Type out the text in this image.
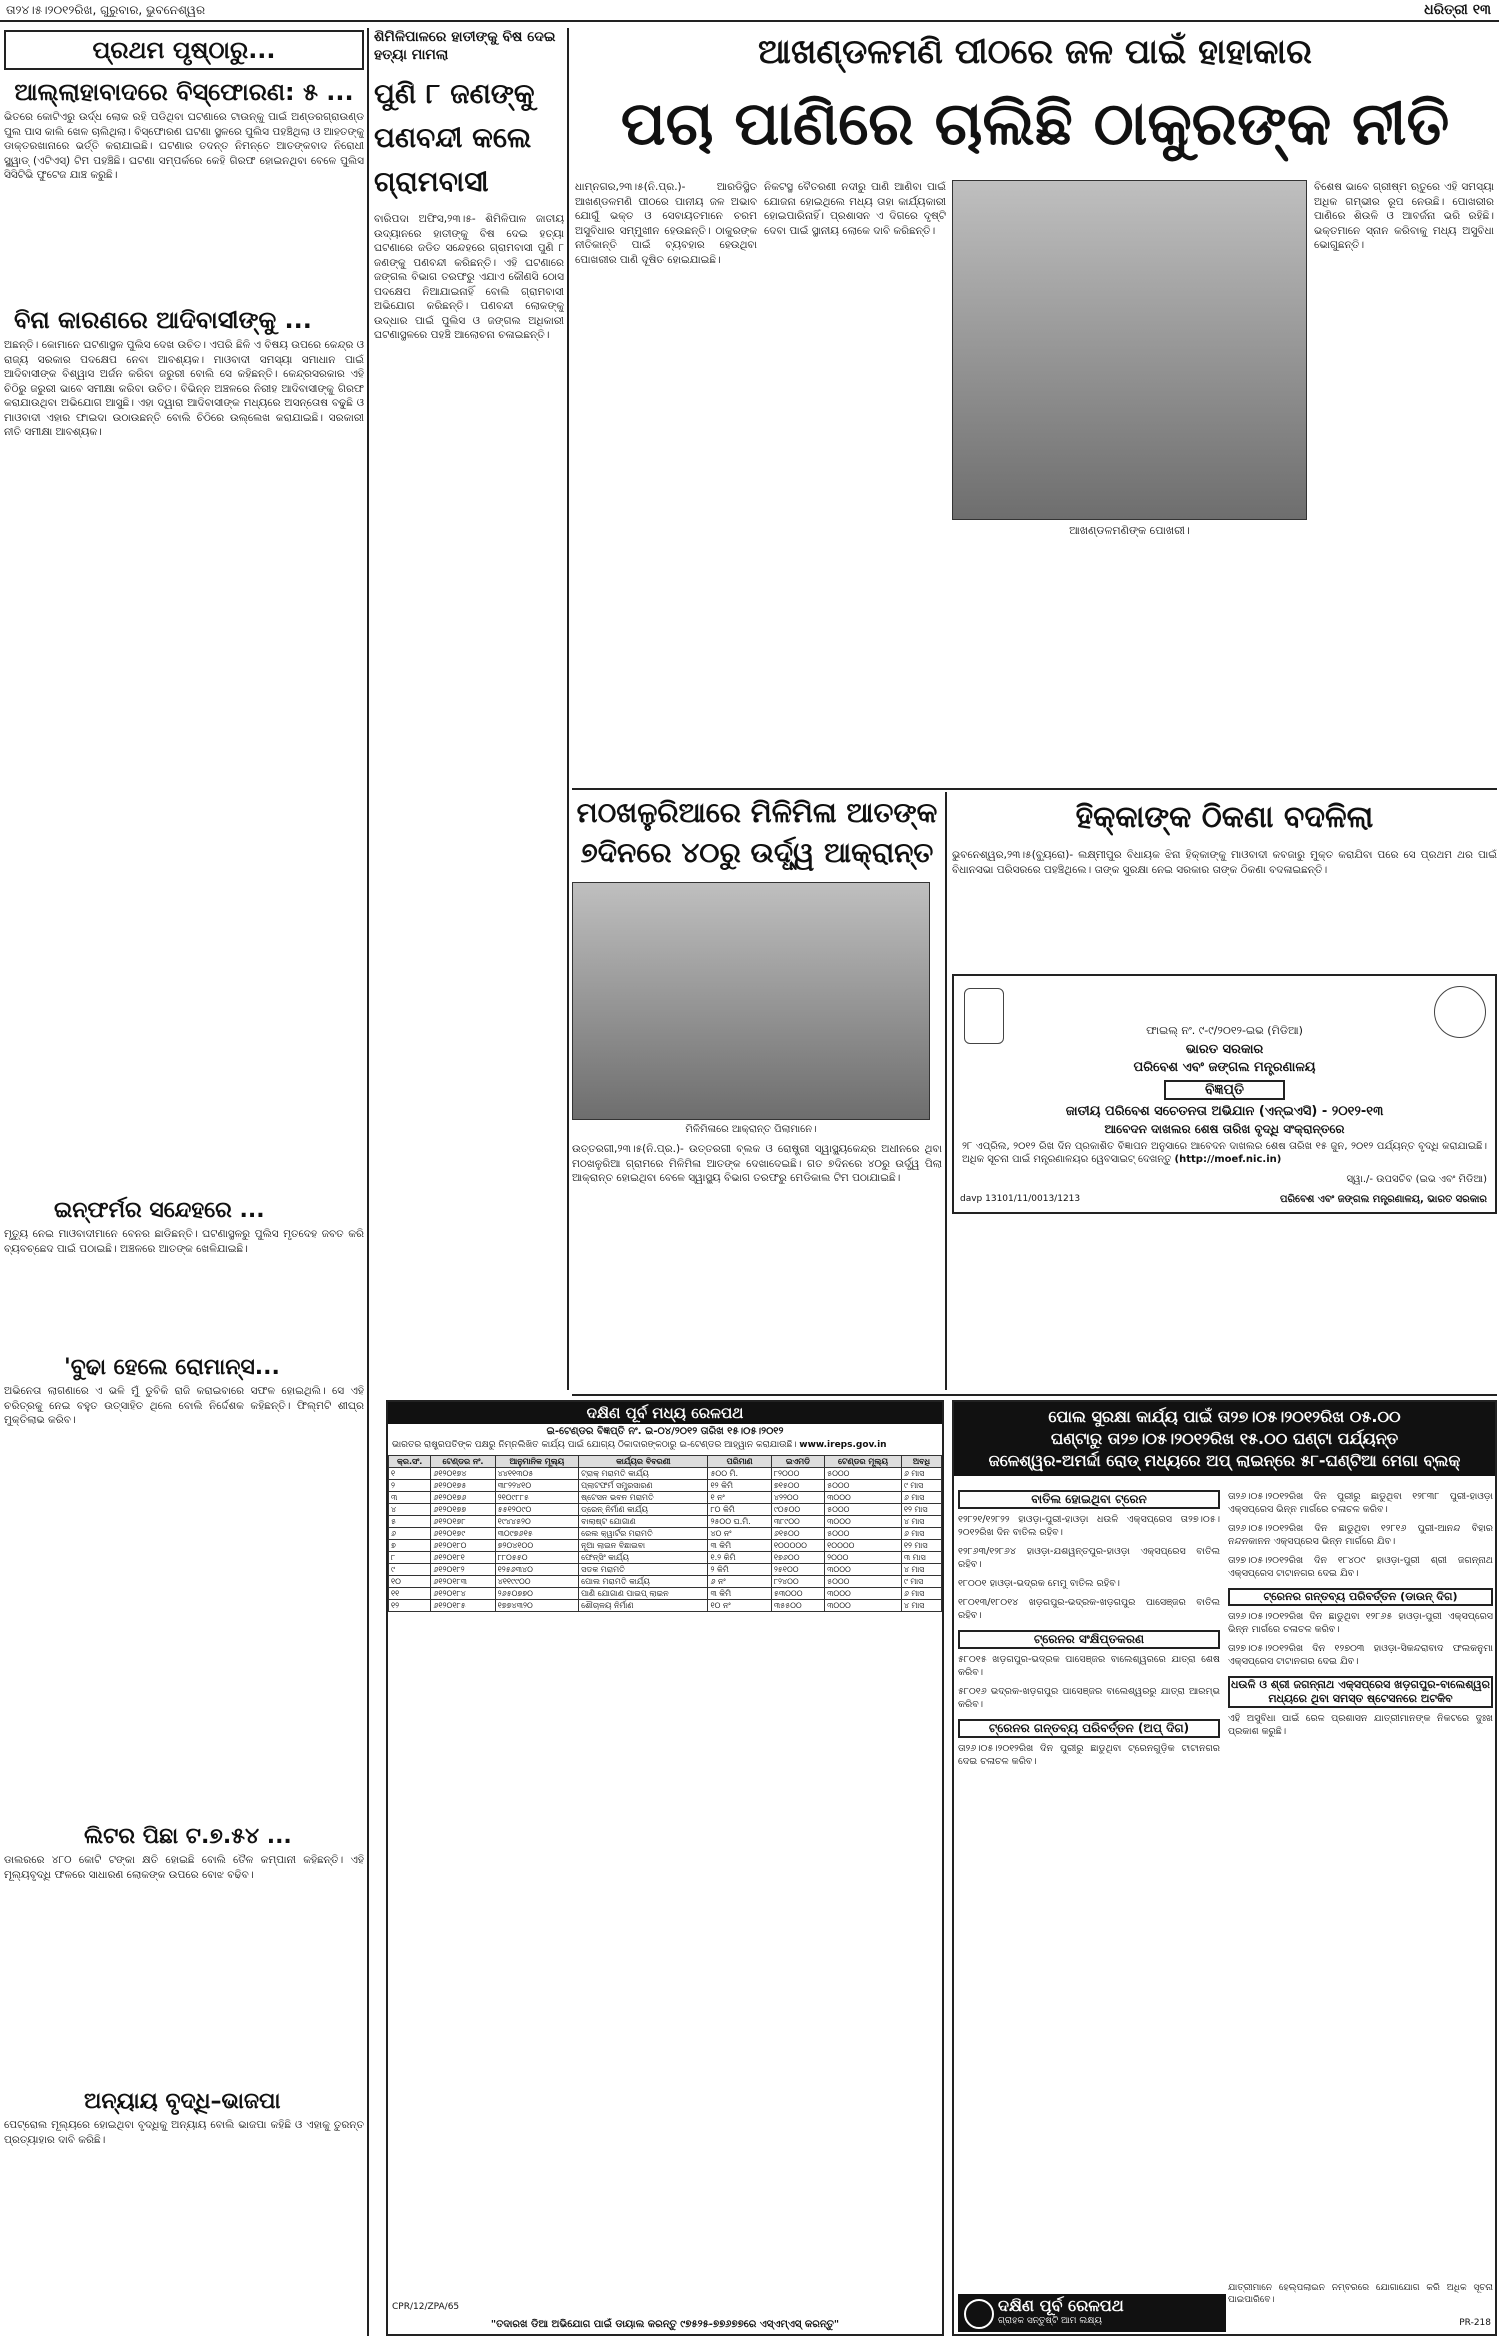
ତା୨୪।୫।୨୦୧୨ରିଖ, ଗୁରୁବାର, ଭୁବନେଶ୍ୱର	ଧରିତ୍ରୀ ୧୩
ପ୍ରଥମ ପୃଷ୍ଠାରୁ...
ଆଲ୍ଲାହାବାଦରେ ବିସ୍ଫୋରଣ: ୫ ...
ଭିତରେ କୋଟିଏରୁ ଉର୍ଦ୍ଧ ଲୋକ ରହି ପଡିଥିବା ଘଟଣାରେ ଟାଉନ୍‌କୁ ପାଇଁ ଅଣ୍ଡରଗ୍ରାଉଣ୍ଡ ପୁଲ ପାସ କାଲି ଖେଳ ଚାଲିଥିଲା। ବିସ୍ଫୋରଣ ଘଟଣା ସ୍ଥଳରେ ପୁଲିସ ପହଞ୍ଚିଥିଲା ଓ ଆହତଙ୍କୁ ଡାକ୍ତରଖାନାରେ ଭର୍ତ୍ତି କରାଯାଇଛି। ଘଟଣାର ତଦନ୍ତ ନିମନ୍ତେ ଆତଙ୍କବାଦ ନିରୋଧୀ ସ୍କ୍ୱାଡ୍ (ଏଟିଏସ୍) ଟିମ ପହଞ୍ଚିଛି। ଘଟଣା ସମ୍ପର୍କରେ କେହି ଗିରଫ ହୋଇନଥିବା ବେଳେ ପୁଲିସ ସିସିଟିଭି ଫୁଟେଜ ଯାଞ୍ଚ କରୁଛି।
ବିନା କାରଣରେ ଆଦିବାସୀଙ୍କୁ ...
ଅଛନ୍ତି। କୋମାନେ ଘଟଣାସ୍ଥଳ ପୁଲିସ ଦେଖ ଉଚିତ। ଏପରି ଛିଳି ଏ ବିଷୟ ଉପରେ କେନ୍ଦ୍ର ଓ ରାଜ୍ୟ ସରକାର ପଦକ୍ଷେପ ନେବା ଆବଶ୍ୟକ। ମାଓବାଦୀ ସମସ୍ୟା ସମାଧାନ ପାଇଁ ଆଦିବାସୀଙ୍କ ବିଶ୍ୱାସ ଅର୍ଜନ କରିବା ଜରୁରୀ ବୋଲି ସେ କହିଛନ୍ତି। କେନ୍ଦ୍ରସରକାର ଏହି ଚିଠିରୁ ଜରୁରୀ ଭାବେ ସମୀକ୍ଷା କରିବା ଉଚିତ। ବିଭିନ୍ନ ଅଞ୍ଚଳରେ ନିରୀହ ଆଦିବାସୀଙ୍କୁ ଗିରଫ କରାଯାଉଥିବା ଅଭିଯୋଗ ଆସୁଛି। ଏହା ଦ୍ୱାରା ଆଦିବାସୀଙ୍କ ମଧ୍ୟରେ ଅସନ୍ତୋଷ ବଢୁଛି ଓ ମାଓବାଦୀ ଏହାର ଫାଇଦା ଉଠାଉଛନ୍ତି ବୋଲି ଚିଠିରେ ଉଲ୍ଲେଖ କରାଯାଇଛି। ସରକାରୀ ନୀତି ସମୀକ୍ଷା ଆବଶ୍ୟକ।
ଇନ୍‌ଫର୍ମର ସନ୍ଦେହରେ ...
ମୃତ୍ୟୁ ନେଇ ମାଓବାଦୀମାନେ ବେନର ଛାଡିଛନ୍ତି। ଘଟଣାସ୍ଥଳରୁ ପୁଲିସ ମୃତଦେହ ଜବତ କରି ବ୍ୟବଚ୍ଛେଦ ପାଇଁ ପଠାଇଛି। ଅଞ୍ଚଳରେ ଆତଙ୍କ ଖେଳିଯାଇଛି।
'ବୁଢା ହେଲେ ରୋମାନ୍ସ...
ଅଭିନେତା ଲାଗଣାରେ ଏ ଭଳି ମୁଁ ଡୁବିକି ରାଜି କରାଇବାରେ ସଫଳ ହୋଇଥିଲି। ସେ ଏହି ଚରିତ୍ରକୁ ନେଇ ବହୁତ ଉତ୍ସାହିତ ଥିଲେ ବୋଲି ନିର୍ଦ୍ଦେଶକ କହିଛନ୍ତି। ଫିଲ୍ମଟି ଶୀଘ୍ର ମୁକ୍ତିଲାଭ କରିବ।
ଲିଟର ପିଛା ଟ.୭.୫୪ ...
ଡାଲରରେ ୪୮୦ କୋଟି ଟଙ୍କା କ୍ଷତି ହୋଇଛି ବୋଲି ତୈଳ କମ୍ପାନୀ କହିଛନ୍ତି। ଏହି ମୂଲ୍ୟବୃଦ୍ଧି ଫଳରେ ସାଧାରଣ ଲୋକଙ୍କ ଉପରେ ବୋଝ ବଢିବ।
ଅନ୍ୟାୟ ବୃଦ୍ଧି–ଭାଜପା
ପେଟ୍ରୋଲ ମୂଲ୍ୟରେ ହୋଇଥିବା ବୃଦ୍ଧିକୁ ଅନ୍ୟାୟ ବୋଲି ଭାଜପା କହିଛି ଓ ଏହାକୁ ତୁରନ୍ତ ପ୍ରତ୍ୟାହାର ଦାବି କରିଛି।
ଶିମିଳିପାଳରେ ହାତୀଙ୍କୁ ବିଷ ଦେଇ ହତ୍ୟା ମାମଲା
ପୁଣି ୮ ଜଣଙ୍କୁ ପଣବନ୍ଦୀ କଲେ ଗ୍ରାମବାସୀ
ବାରିପଦା ଅଫିସ,୨୩।୫- ଶିମିଳିପାଳ ଜାତୀୟ ଉଦ୍ୟାନରେ ହାତୀଙ୍କୁ ବିଷ ଦେଇ ହତ୍ୟା ଘଟଣାରେ ଜଡିତ ସନ୍ଦେହରେ ଗ୍ରାମବାସୀ ପୁଣି ୮ ଜଣଙ୍କୁ ପଣବନ୍ଦୀ କରିଛନ୍ତି। ଏହି ଘଟଣାରେ ଜଙ୍ଗଲ ବିଭାଗ ତରଫରୁ ଏଯାଏ କୌଣସି ଠୋସ ପଦକ୍ଷେପ ନିଆଯାଇନାହିଁ ବୋଲି ଗ୍ରାମବାସୀ ଅଭିଯୋଗ କରିଛନ୍ତି। ପଣବନ୍ଦୀ ଲୋକଙ୍କୁ ଉଦ୍ଧାର ପାଇଁ ପୁଲିସ ଓ ଜଙ୍ଗଲ ଅଧିକାରୀ ଘଟଣାସ୍ଥଳରେ ପହଞ୍ଚି ଆଲୋଚନା ଚଳାଇଛନ୍ତି।
ଆଖଣ୍ଡଳମଣି ପୀଠରେ ଜଳ ପାଇଁ ହାହାକାର
ପଚା ପାଣିରେ ଚାଲିଛି ଠାକୁରଙ୍କ ନୀତି
ଧାମ୍‌ନଗର,୨୩।୫(ନି.ପ୍ର.)- ଆରଡିସ୍ଥିତ ଆଖଣ୍ଡଳମଣି ପୀଠରେ ପାନୀୟ ଜଳ ଅଭାବ ଯୋଗୁଁ ଭକ୍ତ ଓ ସେବାୟତମାନେ ଚରମ ଅସୁବିଧାର ସମ୍ମୁଖୀନ ହେଉଛନ୍ତି। ଠାକୁରଙ୍କ ନୀତିକାନ୍ତି ପାଇଁ ବ୍ୟବହାର ହେଉଥିବା ପୋଖରୀର ପାଣି ଦୂଷିତ ହୋଇଯାଇଛି।
ନିକଟସ୍ଥ ବୈତରଣୀ ନଦୀରୁ ପାଣି ଆଣିବା ପାଇଁ ଯୋଜନା ହୋଇଥିଲେ ମଧ୍ୟ ତାହା କାର୍ଯ୍ୟକାରୀ ହୋଇପାରିନାହିଁ। ପ୍ରଶାସନ ଏ ଦିଗରେ ଦୃଷ୍ଟି ଦେବା ପାଇଁ ସ୍ଥାନୀୟ ଲୋକେ ଦାବି କରିଛନ୍ତି।
ଆଖଣ୍ଡଳମଣିଙ୍କ ପୋଖରୀ।
ବିଶେଷ ଭାବେ ଗ୍ରୀଷ୍ମ ଋତୁରେ ଏହି ସମସ୍ୟା ଅଧିକ ଗମ୍ଭୀର ରୂପ ନେଉଛି। ପୋଖରୀର ପାଣିରେ ଶିଉଳି ଓ ଆବର୍ଜନା ଭରି ରହିଛି। ଭକ୍ତମାନେ ସ୍ନାନ କରିବାକୁ ମଧ୍ୟ ଅସୁବିଧା ଭୋଗୁଛନ୍ତି।
ମଠଖଳୁରିଆରେ ମିଳିମିଳା ଆତଙ୍କ
୭ଦିନରେ ୪୦ରୁ ଉର୍ଦ୍ଧ୍ୱ ଆକ୍ରାନ୍ତ
ମିଳିମିଳାରେ ଆକ୍ରାନ୍ତ ପିଲାମାନେ।
ଉତ୍ତରଗୀ,୨୩।୫(ନି.ପ୍ର.)- ଉତ୍ତରଗୀ ବ୍ଲକ ଓ ରୋଷ୍ଟ୍ରୀ ସ୍ୱାସ୍ଥ୍ୟକେନ୍ଦ୍ର ଅଧୀନରେ ଥିବା ମଠଖଳୁରିଆ ଗ୍ରାମରେ ମିଳିମିଳା ଆତଙ୍କ ଦେଖାଦେଇଛି। ଗତ ୭ଦିନରେ ୪୦ରୁ ଉର୍ଦ୍ଧ୍ୱ ପିଲା ଆକ୍ରାନ୍ତ ହୋଇଥିବା ବେଳେ ସ୍ୱାସ୍ଥ୍ୟ ବିଭାଗ ତରଫରୁ ମେଡିକାଲ ଟିମ ପଠାଯାଇଛି।
ହିକ୍କାଙ୍କ ଠିକଣା ବଦଳିଲା
ଭୁବନେଶ୍ୱର,୨୩।୫(ବ୍ୟୁରୋ)- ଲକ୍ଷ୍ମୀପୁର ବିଧାୟକ ଝିନା ହିକ୍କାଙ୍କୁ ମାଓବାଦୀ କବଜାରୁ ମୁକ୍ତ କରାଯିବା ପରେ ସେ ପ୍ରଥମ ଥର ପାଇଁ ବିଧାନସଭା ପରିସରରେ ପହଞ୍ଚିଥିଲେ। ତାଙ୍କ ସୁରକ୍ଷା ନେଇ ସରକାର ତାଙ୍କ ଠିକଣା ବଦଳାଇଛନ୍ତି।
ଫାଇଲ୍ ନଂ. ୯-୯/୨୦୧୨-ଇଭ (ମିଡିଆ)
ଭାରତ ସରକାର
ପରିବେଶ ଏବଂ ଜଙ୍ଗଲ ମନ୍ତ୍ରଣାଳୟ
ବିଜ୍ଞପ୍ତି
ଜାତୀୟ ପରିବେଶ ସଚେତନତା ଅଭିଯାନ (ଏନ୍‌ଇଏସି) - ୨୦୧୨-୧୩
ଆବେଦନ ଦାଖଲର ଶେଷ ତାରିଖ ବୃଦ୍ଧି ସଂକ୍ରାନ୍ତରେ
୨୮ ଏପ୍ରିଲ, ୨୦୧୨ ରିଖ ଦିନ ପ୍ରକାଶିତ ବିଜ୍ଞାପନ ଅନୁସାରେ ଆବେଦନ ଦାଖଲର ଶେଷ ତାରିଖ ୧୫ ଜୁନ, ୨୦୧୨ ପର୍ଯ୍ୟନ୍ତ ବୃଦ୍ଧି କରାଯାଇଛି। ଅଧିକ ସୂଚନା ପାଇଁ ମନ୍ତ୍ରଣାଳୟର ୱେବସାଇଟ୍ ଦେଖନ୍ତୁ (http://moef.nic.in)
ସ୍ୱା./- ଉପସଚିବ (ଇଭ ଏବଂ ମିଡିଆ)
davp 13101/11/0013/1213	ପରିବେଶ ଏବଂ ଜଙ୍ଗଲ ମନ୍ତ୍ରଣାଳୟ, ଭାରତ ସରକାର
ଦକ୍ଷିଣ ପୂର୍ବ ମଧ୍ୟ ରେଳପଥ
ଇ-ଟେଣ୍ଡର ବିଜ୍ଞପ୍ତି ନଂ. ଇ-୦୪/୨୦୧୨ ତାରିଖ ୧୫।୦୫।୨୦୧୨
ଭାରତର ରାଷ୍ଟ୍ରପତିଙ୍କ ପକ୍ଷରୁ ନିମ୍ନଲିଖିତ କାର୍ଯ୍ୟ ପାଇଁ ଯୋଗ୍ୟ ଠିକାଦାରଙ୍କଠାରୁ ଇ-ଟେଣ୍ଡର ଆହ୍ୱାନ କରାଯାଉଛି। www.ireps.gov.in
କ୍ର.ସଂ.	ଟେଣ୍ଡର ନଂ.	ଆନୁମାନିକ ମୂଲ୍ୟ	କାର୍ଯ୍ୟର ବିବରଣୀ	ପରିମାଣ	ଇଏମଡି	ଟେଣ୍ଡର ମୂଲ୍ୟ	ଅବଧି
୧	୬୧୨୦୧୭୪	୪୪୧୧୩୦୫	ଟ୍ରାକ୍ ମରାମତି କାର୍ଯ୍ୟ	୫୦୦ ମି.	୮୨୦୦୦	୫୦୦୦	୬ ମାସ
୨	୬୧୨୦୧୭୫	୩୮୨୨୪୧୦	ପ୍ଲାଟଫର୍ମ ସମ୍ପ୍ରସାରଣ	୧୨ କିମି	୭୧୫୦୦	୫୦୦୦	୯ ମାସ
୩	୬୧୨୦୧୭୬	୨୧୦୯୮୮୫	ଷ୍ଟେସନ ଭବନ ମରାମତି	୧ ନଂ	୪୨୨୦୦	୩୦୦୦	୬ ମାସ
୪	୬୧୨୦୧୭୭	୫୫୧୨୦୯୦	ଡ୍ରେନ୍ ନିର୍ମାଣ କାର୍ଯ୍ୟ	୮୦ କିମି	୯୦୫୦୦	୫୦୦୦	୧୨ ମାସ
୫	୬୧୨୦୧୭୮	୧୯୪୪୫୨୦	ବାଲାଷ୍ଟ ଯୋଗାଣ	୨୫୦୦ ଘ.ମି.	୩୮୯୦୦	୩୦୦୦	୪ ମାସ
୬	୬୧୨୦୧୭୯	୩୦୯୭୬୧୫	ରେଲ କ୍ୱାର୍ଟର ମରାମତି	୪୦ ନଂ	୬୧୫୦୦	୫୦୦୦	୬ ମାସ
୭	୬୧୨୦୧୮୦	୭୨୦୪୧୦୦	ନୂଆ ଲାଇନ ବିଛାଇବା	୩ କିମି	୧୦୦୦୦୦	୧୦୦୦୦	୧୨ ମାସ
୮	୬୧୨୦୧୮୧	୮୮୦୫୫୦	ଫେନ୍ସିଂ କାର୍ଯ୍ୟ	୧.୨ କିମି	୧୭୬୦୦	୨୦୦୦	୩ ମାସ
୯	୬୧୨୦୧୮୨	୧୨୫୬୩୪୦	ସଡକ ମରାମତି	୨ କିମି	୨୫୧୦୦	୩୦୦୦	୪ ମାସ
୧୦	୬୧୨୦୧୮୩	୪୧୧୯୯୦୦	ପୋଲ ମରାମତି କାର୍ଯ୍ୟ	୬ ନଂ	୮୨୪୦୦	୫୦୦୦	୯ ମାସ
୧୧	୬୧୨୦୧୮୪	୨୬୫୦୭୭୦	ପାଣି ଯୋଗାଣ ପାଇପ୍ ଲାଇନ	୩ କିମି	୫୩୦୦୦	୩୦୦୦	୬ ମାସ
୧୨	୬୧୨୦୧୮୫	୧୭୭୪୩୨୦	ଶୌଚାଳୟ ନିର୍ମାଣ	୧୦ ନଂ	୩୫୫୦୦	୩୦୦୦	୪ ମାସ
CPR/12/ZPA/65
"ତଦାରଖ ଡିଆ ଅଭିଯୋଗ ପାଇଁ ଡାୟାଲ କରନ୍ତୁ ୯୭୫୨୫-୭୭୬୭୭ରେ ଏସ୍‌ଏମ୍‌ଏସ୍ କରନ୍ତୁ"
ପୋଲ ସୁରକ୍ଷା କାର୍ଯ୍ୟ ପାଇଁ ତା୨୭।୦୫।୨୦୧୨ରିଖ ୦୫.୦୦
ଘଣ୍ଟାରୁ ତା୨୭।୦୫।୨୦୧୨ରିଖ ୧୫.୦୦ ଘଣ୍ଟା ପର୍ଯ୍ୟନ୍ତ
ଜଳେଶ୍ୱର-ଅମର୍ଦ୍ଦା ରୋଡ୍ ମଧ୍ୟରେ ଅପ୍ ଲାଇନ୍‌ରେ ୫୮-ଘଣ୍ଟିଆ ମେଗା ବ୍ଲକ୍
ବାତିଲ ହୋଇଥିବା ଟ୍ରେନ
୧୨୮୨୧/୧୨୮୨୨ ହାଓଡ଼ା-ପୁରୀ-ହାଓଡ଼ା ଧଉଳି ଏକ୍ସପ୍ରେସ ତା୨୭।୦୫।୨୦୧୨ରିଖ ଦିନ ବାତିଲ ରହିବ।
୧୨୮୬୩/୧୨୮୬୪ ହାଓଡ଼ା-ଯଶୱନ୍ତପୁର-ହାଓଡ଼ା ଏକ୍ସପ୍ରେସ ବାତିଲ ରହିବ।
୧୮୦୦୧ ହାଓଡ଼ା-ଭଦ୍ରକ ମେମୁ ବାତିଲ ରହିବ।
୧୮୦୧୩/୧୮୦୧୪ ଖଡ଼ଗପୁର-ଭଦ୍ରକ-ଖଡ଼ଗପୁର ପାସେଞ୍ଜର ବାତିଲ ରହିବ।
ଟ୍ରେନର ସଂକ୍ଷିପ୍ତକରଣ
୫୮୦୧୫ ଖଡ଼ଗପୁର-ଭଦ୍ରକ ପାସେଞ୍ଜର ବାଲେଶ୍ୱରରେ ଯାତ୍ରା ଶେଷ କରିବ।
୫୮୦୧୬ ଭଦ୍ରକ-ଖଡ଼ଗପୁର ପାସେଞ୍ଜର ବାଲେଶ୍ୱରରୁ ଯାତ୍ରା ଆରମ୍ଭ କରିବ।
ଟ୍ରେନର ଗନ୍ତବ୍ୟ ପରିବର୍ତ୍ତନ (ଅପ୍ ଦିଗ)
ତା୨୬।୦୫।୨୦୧୨ରିଖ ଦିନ ପୁରୀରୁ ଛାଡୁଥିବା ଟ୍ରେନଗୁଡ଼ିକ ଟାଟାନଗର ଦେଇ ଚଳାଚଳ କରିବ।
ତା୨୬।୦୫।୨୦୧୨ରିଖ ଦିନ ପୁରୀରୁ ଛାଡୁଥିବା ୧୨୮୩୮ ପୁରୀ-ହାଓଡ଼ା ଏକ୍ସପ୍ରେସ ଭିନ୍ନ ମାର୍ଗରେ ଚଳାଚଳ କରିବ।
ତା୨୬।୦୫।୨୦୧୨ରିଖ ଦିନ ଛାଡୁଥିବା ୧୨୮୧୬ ପୁରୀ-ଆନନ୍ଦ ବିହାର ନନ୍ଦନକାନନ ଏକ୍ସପ୍ରେସ ଭିନ୍ନ ମାର୍ଗରେ ଯିବ।
ତା୨୭।୦୫।୨୦୧୨ରିଖ ଦିନ ୧୮୪୦୯ ହାଓଡ଼ା-ପୁରୀ ଶ୍ରୀ ଜଗନ୍ନାଥ ଏକ୍ସପ୍ରେସ ଟାଟାନଗର ଦେଇ ଯିବ।
ଟ୍ରେନର ଗନ୍ତବ୍ୟ ପରିବର୍ତ୍ତନ (ଡାଉନ୍ ଦିଗ)
ତା୨୬।୦୫।୨୦୧୨ରିଖ ଦିନ ଛାଡୁଥିବା ୧୨୮୬୫ ହାଓଡ଼ା-ପୁରୀ ଏକ୍ସପ୍ରେସ ଭିନ୍ନ ମାର୍ଗରେ ଚଳାଚଳ କରିବ।
ତା୨୭।୦୫।୨୦୧୨ରିଖ ଦିନ ୧୨୭୦୩ ହାଓଡ଼ା-ସିକନ୍ଦରାବାଦ ଫଲକନୁମା ଏକ୍ସପ୍ରେସ ଟାଟାନଗର ଦେଇ ଯିବ।
ଧଉଳି ଓ ଶ୍ରୀ ଜଗନ୍ନାଥ ଏକ୍ସପ୍ରେସ ଖଡ଼ଗପୁର-ବାଲେଶ୍ୱର ମଧ୍ୟରେ ଥିବା ସମସ୍ତ ଷ୍ଟେସନରେ ଅଟକିବ
ଏହି ଅସୁବିଧା ପାଇଁ ରେଳ ପ୍ରଶାସନ ଯାତ୍ରୀମାନଙ୍କ ନିକଟରେ ଦୁଃଖ ପ୍ରକାଶ କରୁଛି।
ଯାତ୍ରୀମାନେ ହେଲ୍ପଲାଇନ ନମ୍ବରରେ ଯୋଗାଯୋଗ କରି ଅଧିକ ସୂଚନା ପାଇପାରିବେ।
ଦକ୍ଷିଣ ପୂର୍ବ ରେଳପଥ
ଗ୍ରାହକ ସନ୍ତୁଷ୍ଟି ଆମ ଲକ୍ଷ୍ୟ	PR-218
